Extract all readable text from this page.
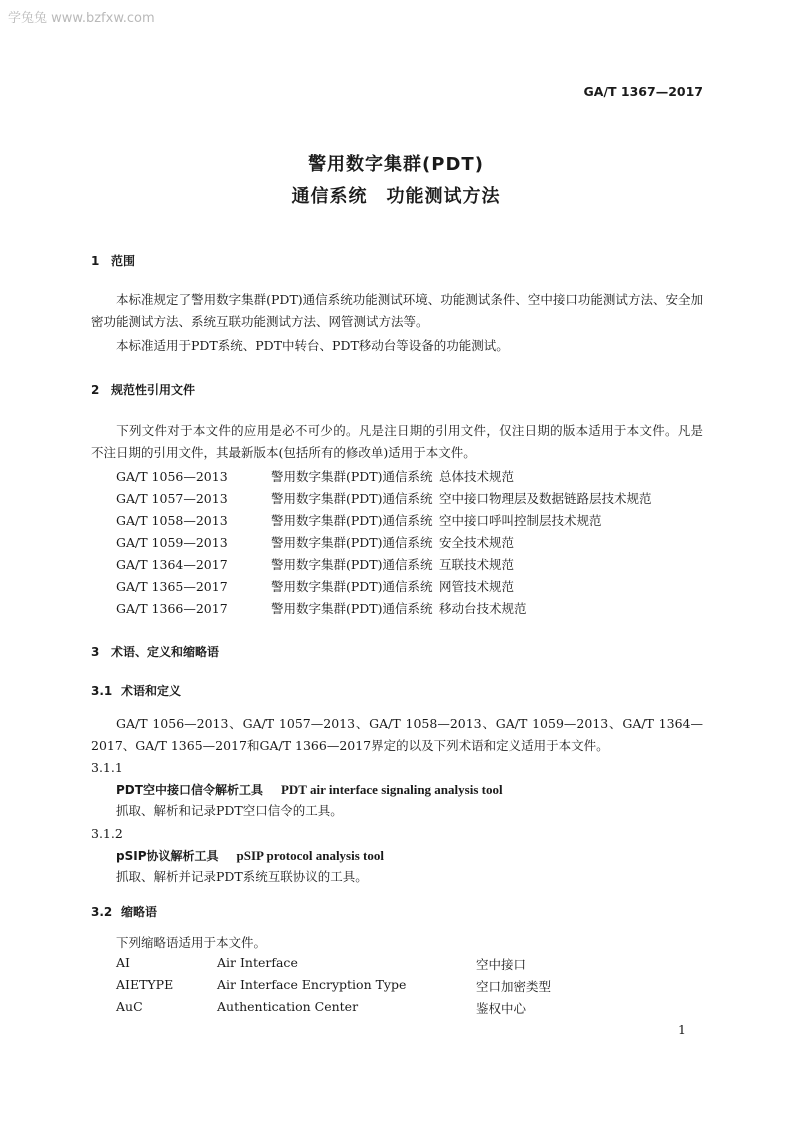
学兔兔 www.bzfxw.com
GA/T 1367—2017
警用数字集群(PDT)
通信系统　功能测试方法
1 范围
本标准规定了警用数字集群(PDT)通信系统功能测试环境、功能测试条件、空中接口功能测试方法、安全加密功能测试方法、系统互联功能测试方法、网管测试方法等。
本标准适用于PDT系统、PDT中转台、PDT移动台等设备的功能测试。
2 规范性引用文件
下列文件对于本文件的应用是必不可少的。凡是注日期的引用文件，仅注日期的版本适用于本文件。凡是不注日期的引用文件，其最新版本(包括所有的修改单)适用于本文件。
GA/T 1056—2013	警用数字集群(PDT)通信系统 总体技术规范
GA/T 1057—2013	警用数字集群(PDT)通信系统 空中接口物理层及数据链路层技术规范
GA/T 1058—2013	警用数字集群(PDT)通信系统 空中接口呼叫控制层技术规范
GA/T 1059—2013	警用数字集群(PDT)通信系统 安全技术规范
GA/T 1364—2017	警用数字集群(PDT)通信系统 互联技术规范
GA/T 1365—2017	警用数字集群(PDT)通信系统 网管技术规范
GA/T 1366—2017	警用数字集群(PDT)通信系统 移动台技术规范
3 术语、定义和缩略语
3.1 术语和定义
GA/T 1056—2013、GA/T 1057—2013、GA/T 1058—2013、GA/T 1059—2013、GA/T 1364—2017、GA/T 1365—2017和GA/T 1366—2017界定的以及下列术语和定义适用于本文件。
3.1.1
PDT空中接口信令解析工具 PDT air interface signaling analysis tool
抓取、解析和记录PDT空口信令的工具。
3.1.2
pSIP协议解析工具 pSIP protocol analysis tool
抓取、解析并记录PDT系统互联协议的工具。
3.2 缩略语
下列缩略语适用于本文件。
AI	Air Interface	空中接口
AIETYPE	Air Interface Encryption Type	空口加密类型
AuC	Authentication Center	鉴权中心
1
